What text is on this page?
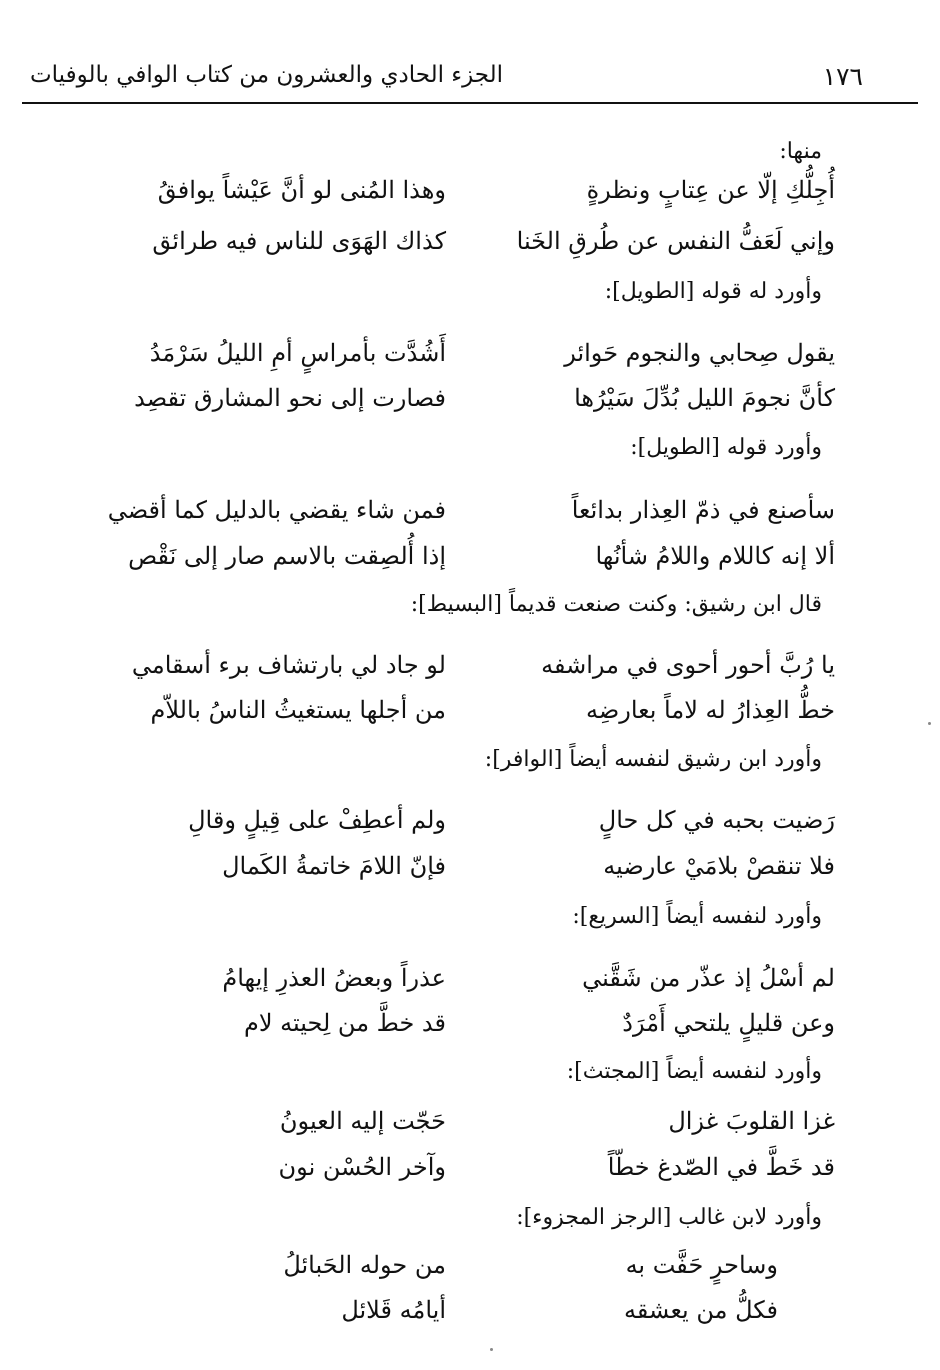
١٧٦
الجزء الحادي والعشرون من كتاب الوافي بالوفيات
منها:
أُجِلُّكِ إلّا عن عِتابٍ ونظرةٍ
وهذا المُنى لو أنَّ عَيْشاً يوافقُ
وإني لَعَفُّ النفس عن طُرقِ الخَنا
كذاك الهَوَى للناس فيه طرائق
وأورد له قوله [الطويل]:
يقول صِحابي والنجوم حَوائر
أَشُدَّت بأمراسٍ أمِ الليلُ سَرْمَدُ
كأنَّ نجومَ الليل بُدِّلَ سَيْرُها
فصارت إلى نحو المشارق تقصِد
وأورد قوله [الطويل]:
سأصنع في ذمّ العِذار بدائعاً
فمن شاء يقضي بالدليل كما أقضي
ألا إنه كاللام واللامُ شأنُها
إذا أُلصِقت بالاسم صار إلى نَقْص
قال ابن رشيق: وكنت صنعت قديماً [البسيط]:
يا رُبَّ أحور أحوى في مراشفه
لو جاد لي بارتشاف برء أسقامي
خطُّ العِذارُ له لاماً بعارضِه
من أجلها يستغيثُ الناسُ باللاّم
وأورد ابن رشيق لنفسه أيضاً [الوافر]:
رَضيت بحبه في كل حالٍ
ولم أعطِفْ على قِيلٍ وقالِ
فلا تنقصْ بلامَيْ عارضيه
فإنّ اللامَ خاتمةُ الكَمال
وأورد لنفسه أيضاً [السريع]:
لم أسْلُ إذ عذّر من شَقَّني
عذراً وبعضُ العذرِ إيهامُ
وعن قليلٍ يلتحي أَمْرَدٌ
قد خطَّ من لِحيته لام
وأورد لنفسه أيضاً [المجتث]:
غزا القلوبَ غزال
حَجّت إليه العيونُ
قد خَطَّ في الصّدغ خطّاً
وآخر الحُسْن نون
وأورد لابن غالب [الرجز المجزوء]:
وساحرٍ حَفَّت به
من حوله الحَبائلُ
فكلُّ من يعشقه
أيامُه قَلائل
